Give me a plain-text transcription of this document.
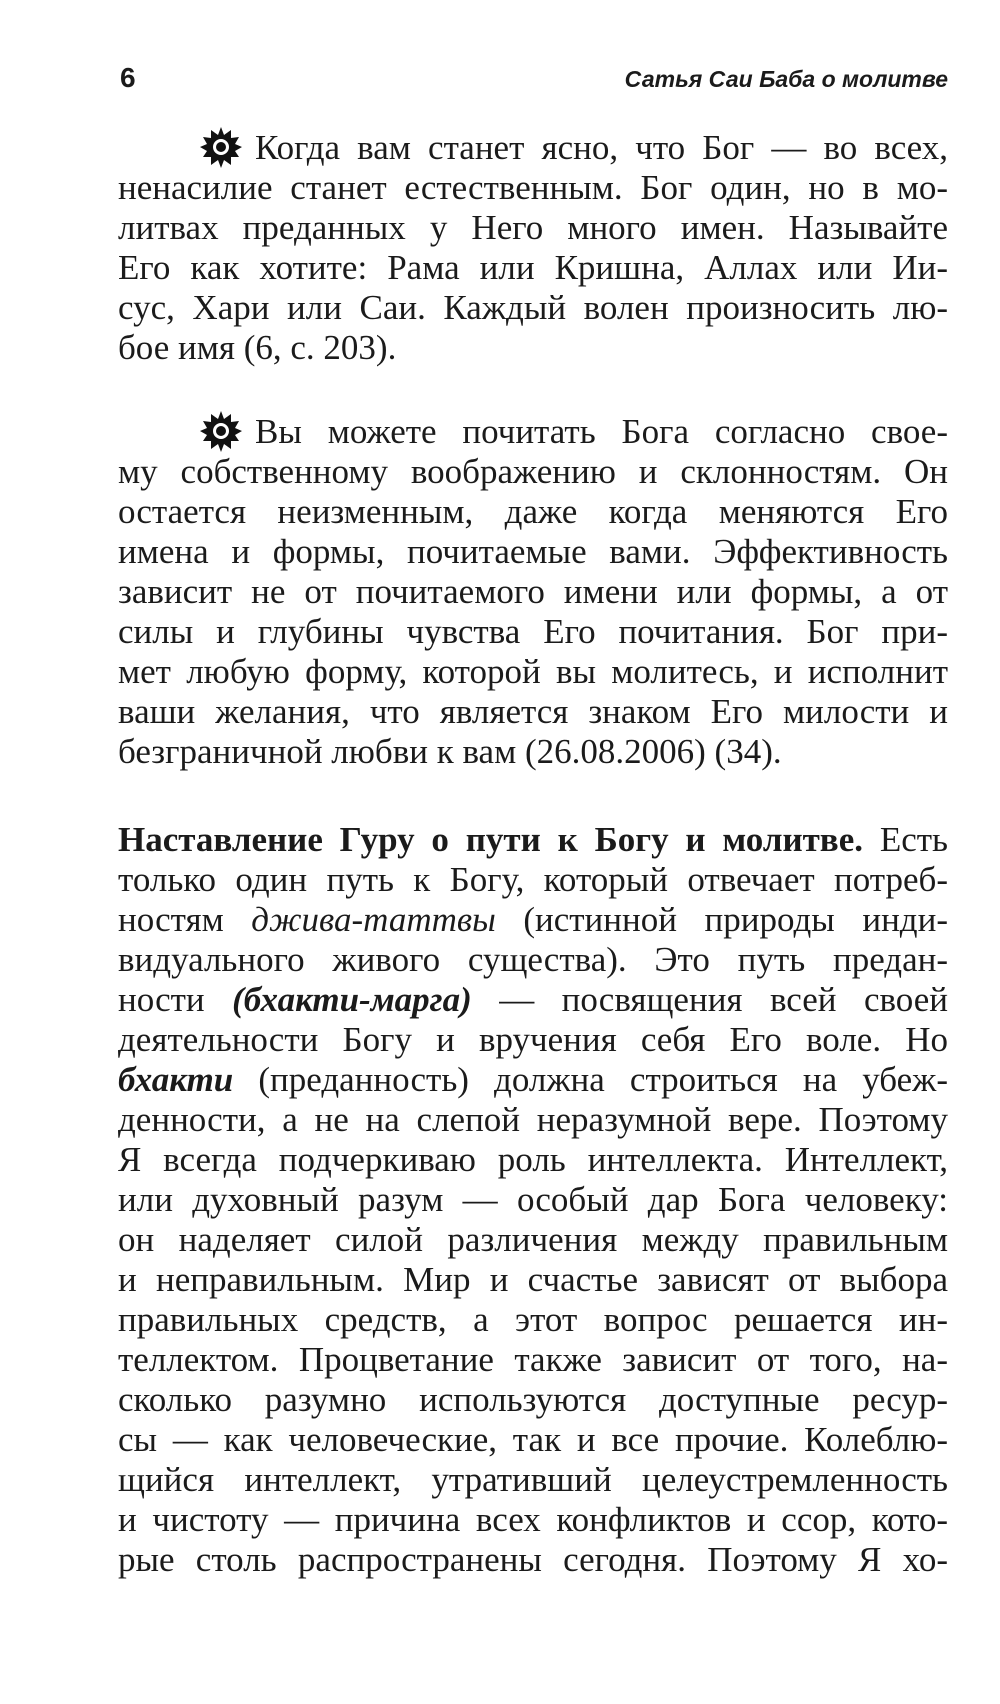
6	Сатья Саи Баба о молитве
Когда вам станет ясно, что Бог — во всех,
ненасилие станет естественным. Бог один, но в мо-
литвах преданных у Него много имен. Называйте
Его как хотите: Рама или Кришна, Аллах или Ии-
сус, Хари или Саи. Каждый волен произносить лю-
бое имя (6, с. 203).
Вы можете почитать Бога согласно свое-
му собственному воображению и склонностям. Он
остается неизменным, даже когда меняются Его
имена и формы, почитаемые вами. Эффективность
зависит не от почитаемого имени или формы, а от
силы и глубины чувства Его почитания. Бог при-
мет любую форму, которой вы молитесь, и исполнит
ваши желания, что является знаком Его милости и
безграничной любви к вам (26.08.2006) (34).
Наставление Гуру о пути к Богу и молитве. Есть
только один путь к Богу, который отвечает потреб-
ностям джива-таттвы (истинной природы инди-
видуального живого существа). Это путь предан-
ности (бхакти-марга) — посвящения всей своей
деятельности Богу и вручения себя Его воле. Но
бхакти (преданность) должна строиться на убеж-
денности, а не на слепой неразумной вере. Поэтому
Я всегда подчеркиваю роль интеллекта. Интеллект,
или духовный разум — особый дар Бога человеку:
он наделяет силой различения между правильным
и неправильным. Мир и счастье зависят от выбора
правильных средств, а этот вопрос решается ин-
теллектом. Процветание также зависит от того, на-
сколько разумно используются доступные ресур-
сы — как человеческие, так и все прочие. Колеблю-
щийся интеллект, утративший целеустремленность
и чистоту — причина всех конфликтов и ссор, кото-
рые столь распространены сегодня. Поэтому Я хо-
